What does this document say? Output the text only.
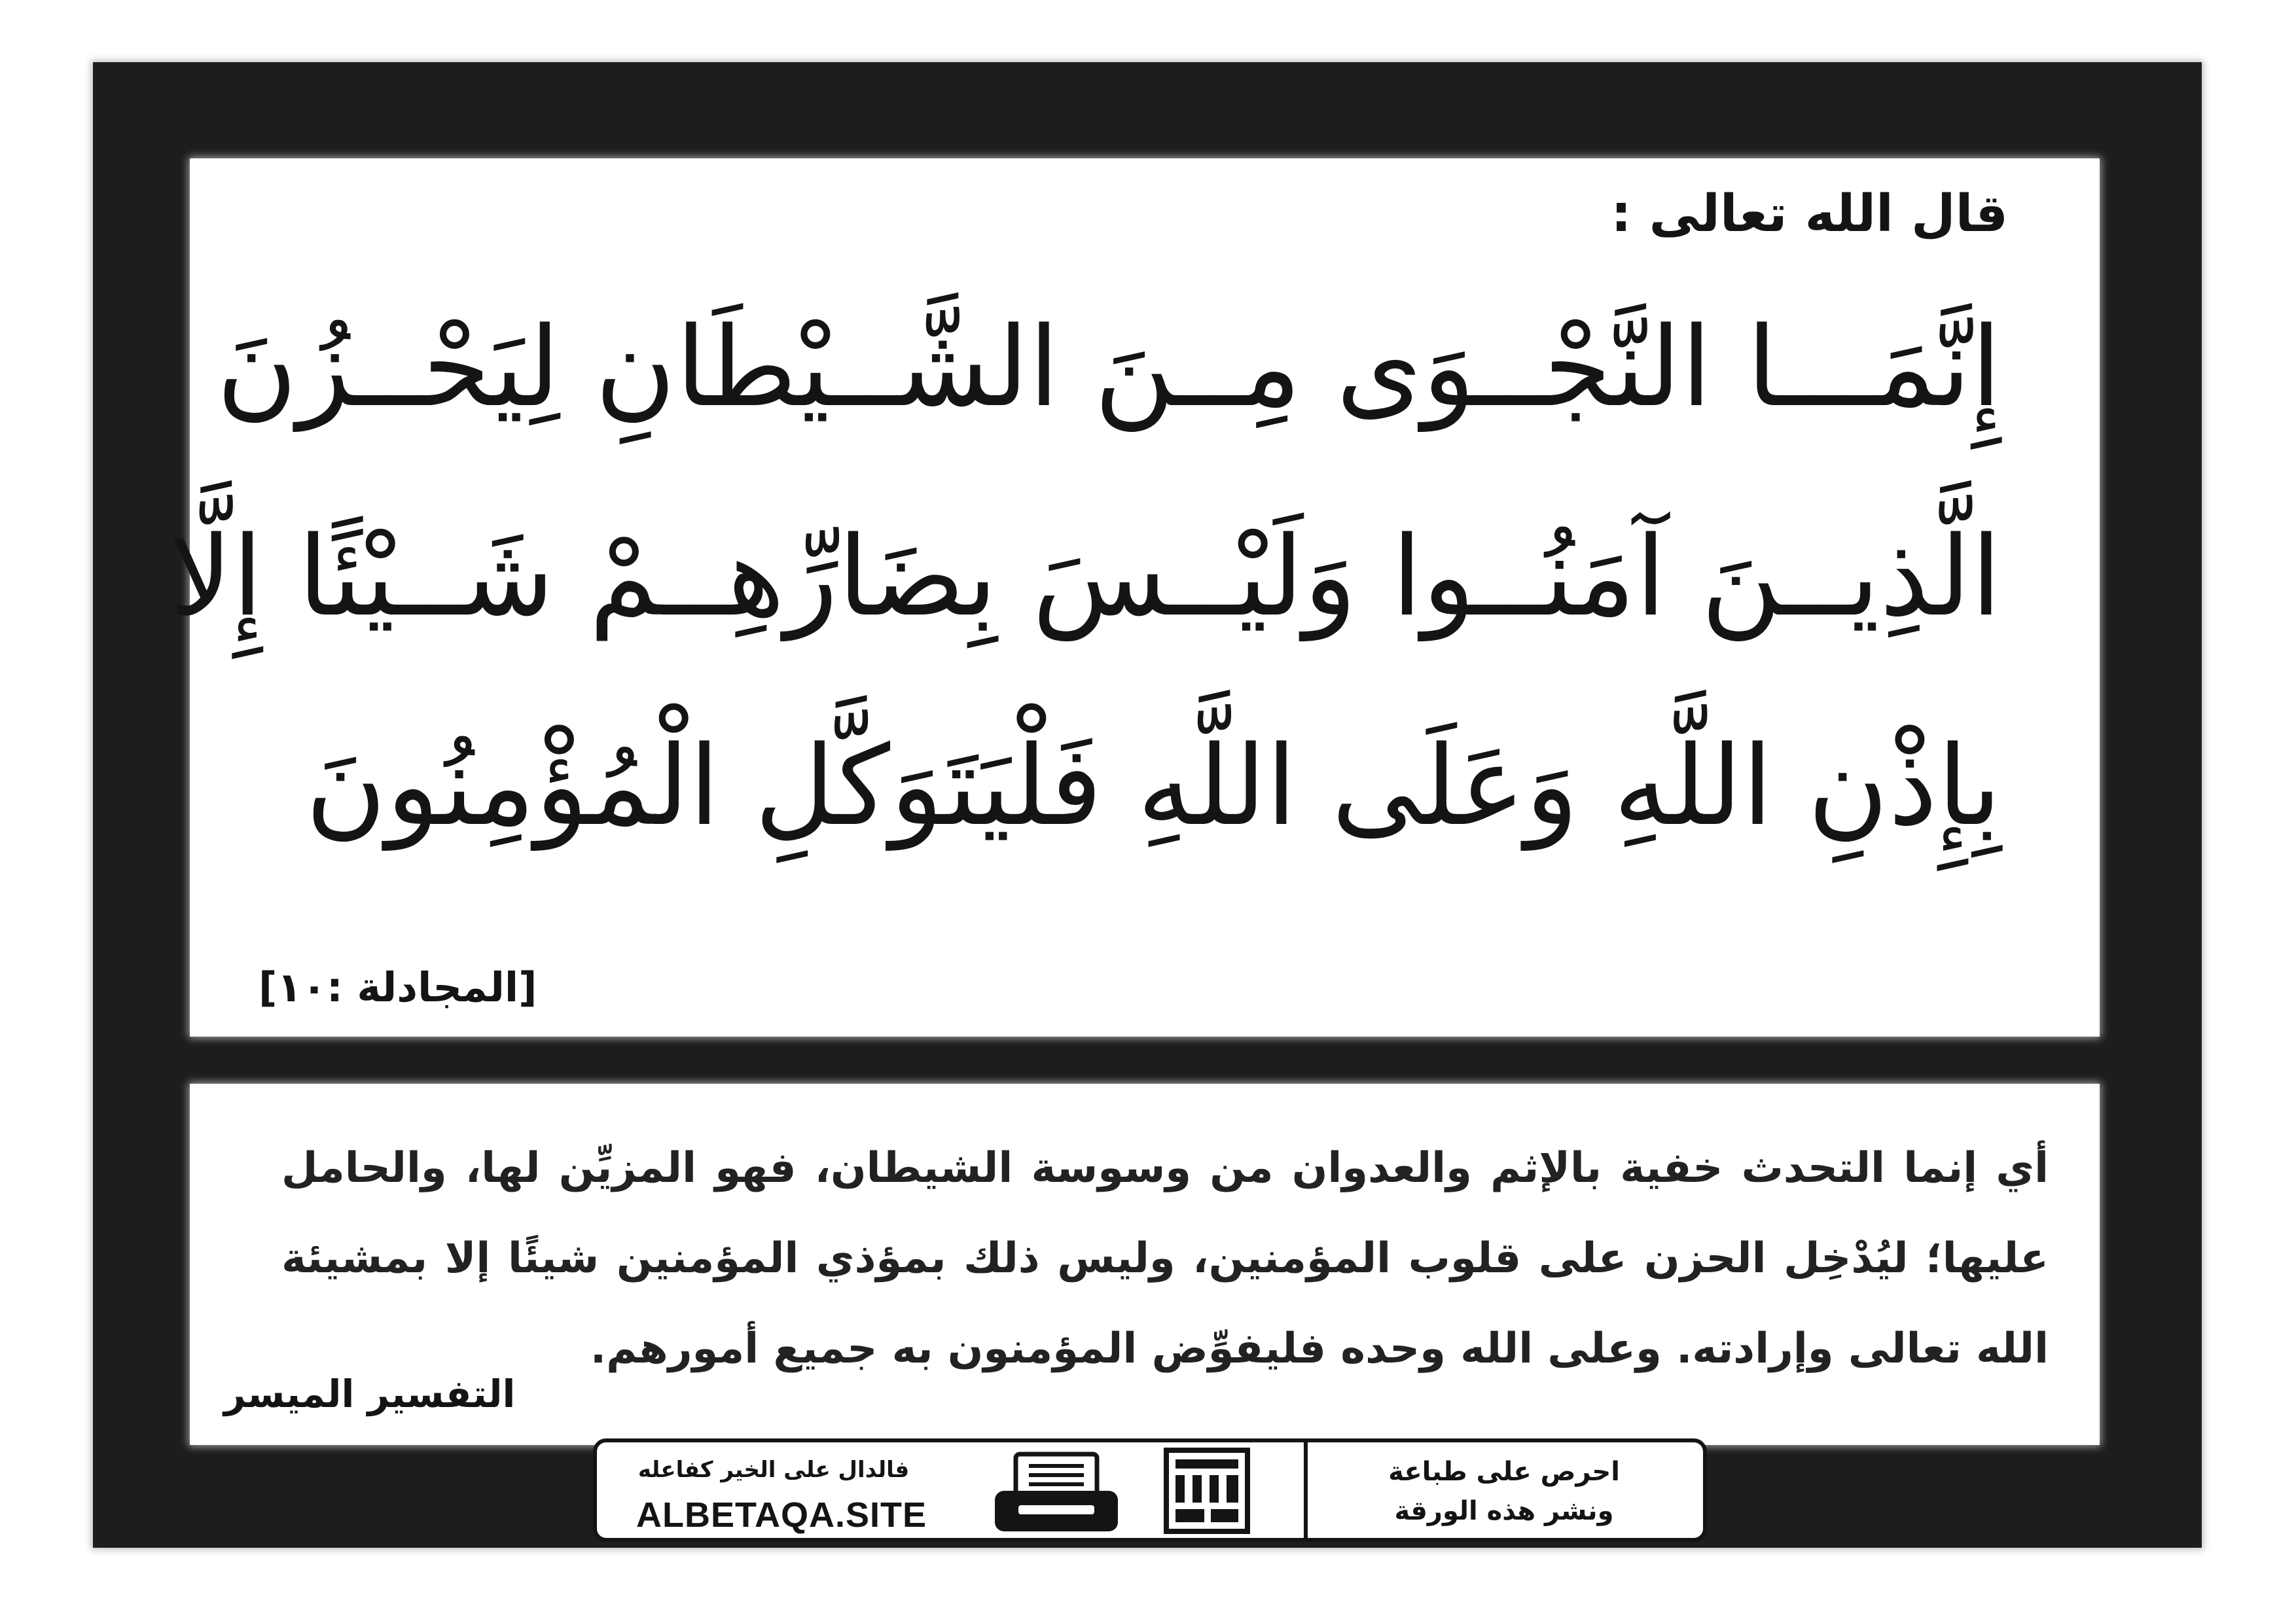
قال الله تعالى :
إِنَّمَـــا النَّجْــوَى مِــنَ الشَّــيْطَانِ لِيَحْــزُنَ
الَّذِيــنَ آمَنُــوا وَلَيْــسَ بِضَارِّهِــمْ شَــيْئًا إِلَّا
بِإِذْنِ اللَّهِ وَعَلَى اللَّهِ فَلْيَتَوَكَّلِ الْمُؤْمِنُونَ
[المجادلة :١٠]
أي إنما التحدث خفية بالإثم والعدوان من وسوسة الشيطان، فهو المزيِّن لها، والحامل عليها؛ ليُدْخِل الحزن على قلوب المؤمنين، وليس ذلك بمؤذي المؤمنين شيئًا إلا بمشيئة الله تعالى وإرادته. وعلى الله وحده فليفوِّض المؤمنون به جميع أمورهم.
التفسير الميسر
فالدال على الخير كفاعله
ALBETAQA.SITE
احرص على طباعة
ونشر هذه الورقة
